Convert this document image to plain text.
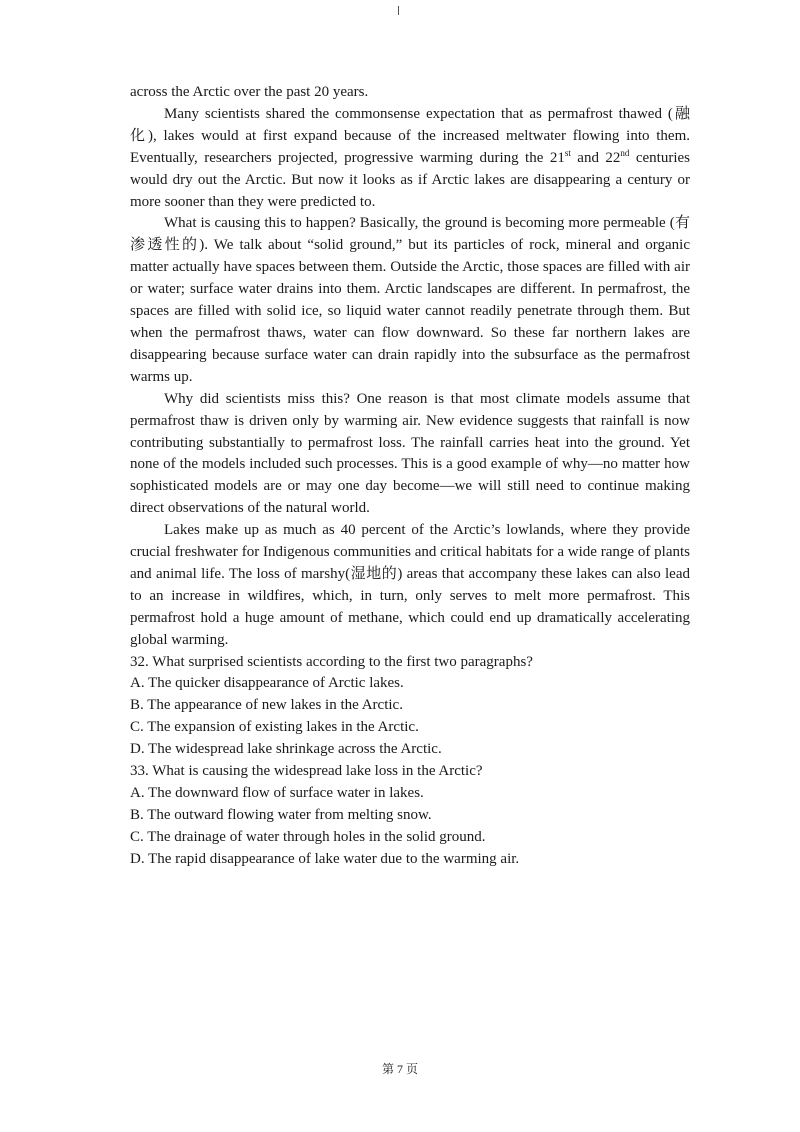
across the Arctic over the past 20 years.

Many scientists shared the commonsense expectation that as permafrost thawed (融化), lakes would at first expand because of the increased meltwater flowing into them. Eventually, researchers projected, progressive warming during the 21st and 22nd centuries would dry out the Arctic. But now it looks as if Arctic lakes are disappearing a century or more sooner than they were predicted to.

What is causing this to happen? Basically, the ground is becoming more permeable (有渗透性的). We talk about “solid ground,” but its particles of rock, mineral and organic matter actually have spaces between them. Outside the Arctic, those spaces are filled with air or water; surface water drains into them. Arctic landscapes are different. In permafrost, the spaces are filled with solid ice, so liquid water cannot readily penetrate through them. But when the permafrost thaws, water can flow downward. So these far northern lakes are disappearing because surface water can drain rapidly into the subsurface as the permafrost warms up.

Why did scientists miss this? One reason is that most climate models assume that permafrost thaw is driven only by warming air. New evidence suggests that rainfall is now contributing substantially to permafrost loss. The rainfall carries heat into the ground. Yet none of the models included such processes. This is a good example of why—no matter how sophisticated models are or may one day become—we will still need to continue making direct observations of the natural world.

Lakes make up as much as 40 percent of the Arctic’s lowlands, where they provide crucial freshwater for Indigenous communities and critical habitats for a wide range of plants and animal life. The loss of marshy(湿地的) areas that accompany these lakes can also lead to an increase in wildfires, which, in turn, only serves to melt more permafrost. This permafrost hold a huge amount of methane, which could end up dramatically accelerating global warming.

32. What surprised scientists according to the first two paragraphs?

A. The quicker disappearance of Arctic lakes.

B. The appearance of new lakes in the Arctic.

C. The expansion of existing lakes in the Arctic.

D. The widespread lake shrinkage across the Arctic.

33. What is causing the widespread lake loss in the Arctic?

A. The downward flow of surface water in lakes.

B. The outward flowing water from melting snow.

C. The drainage of water through holes in the solid ground.

D. The rapid disappearance of lake water due to the warming air.

第 7 页
